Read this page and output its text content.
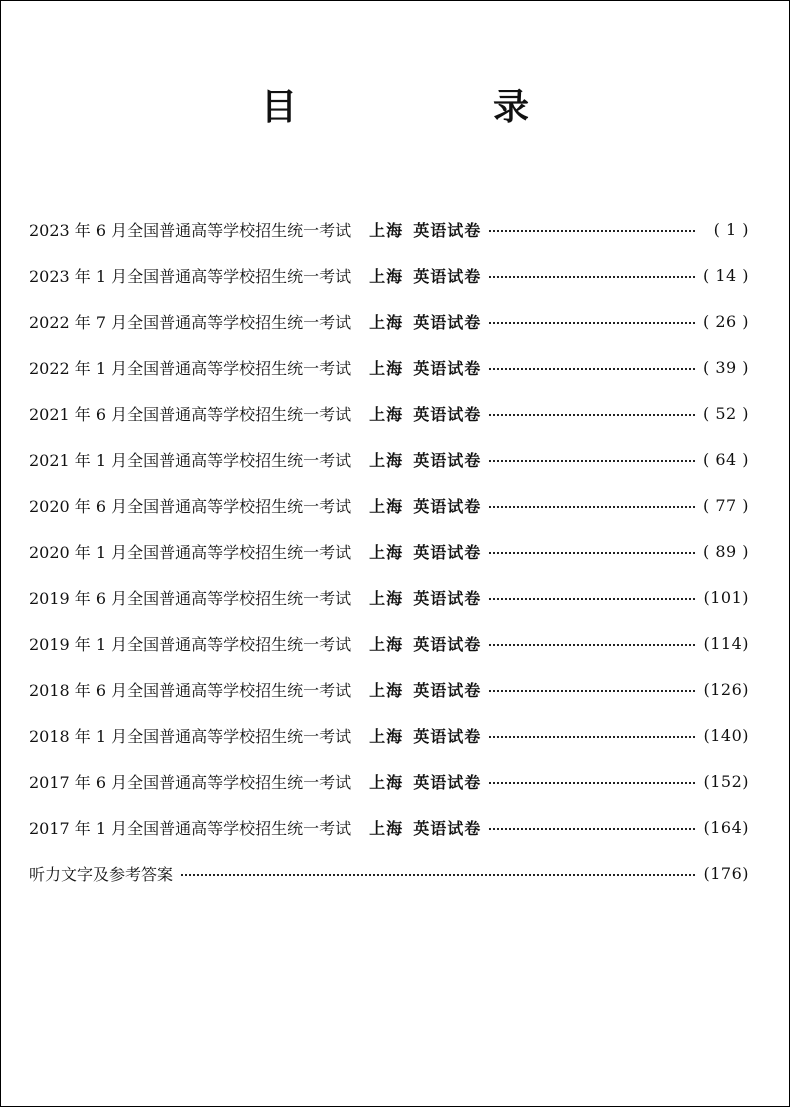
目　录
2023 年 6 月全国普通高等学校招生统一考试 上海 英语试卷	( 1 )
2023 年 1 月全国普通高等学校招生统一考试 上海 英语试卷	( 14 )
2022 年 7 月全国普通高等学校招生统一考试 上海 英语试卷	( 26 )
2022 年 1 月全国普通高等学校招生统一考试 上海 英语试卷	( 39 )
2021 年 6 月全国普通高等学校招生统一考试 上海 英语试卷	( 52 )
2021 年 1 月全国普通高等学校招生统一考试 上海 英语试卷	( 64 )
2020 年 6 月全国普通高等学校招生统一考试 上海 英语试卷	( 77 )
2020 年 1 月全国普通高等学校招生统一考试 上海 英语试卷	( 89 )
2019 年 6 月全国普通高等学校招生统一考试 上海 英语试卷	(101)
2019 年 1 月全国普通高等学校招生统一考试 上海 英语试卷	(114)
2018 年 6 月全国普通高等学校招生统一考试 上海 英语试卷	(126)
2018 年 1 月全国普通高等学校招生统一考试 上海 英语试卷	(140)
2017 年 6 月全国普通高等学校招生统一考试 上海 英语试卷	(152)
2017 年 1 月全国普通高等学校招生统一考试 上海 英语试卷	(164)
听力文字及参考答案	(176)
